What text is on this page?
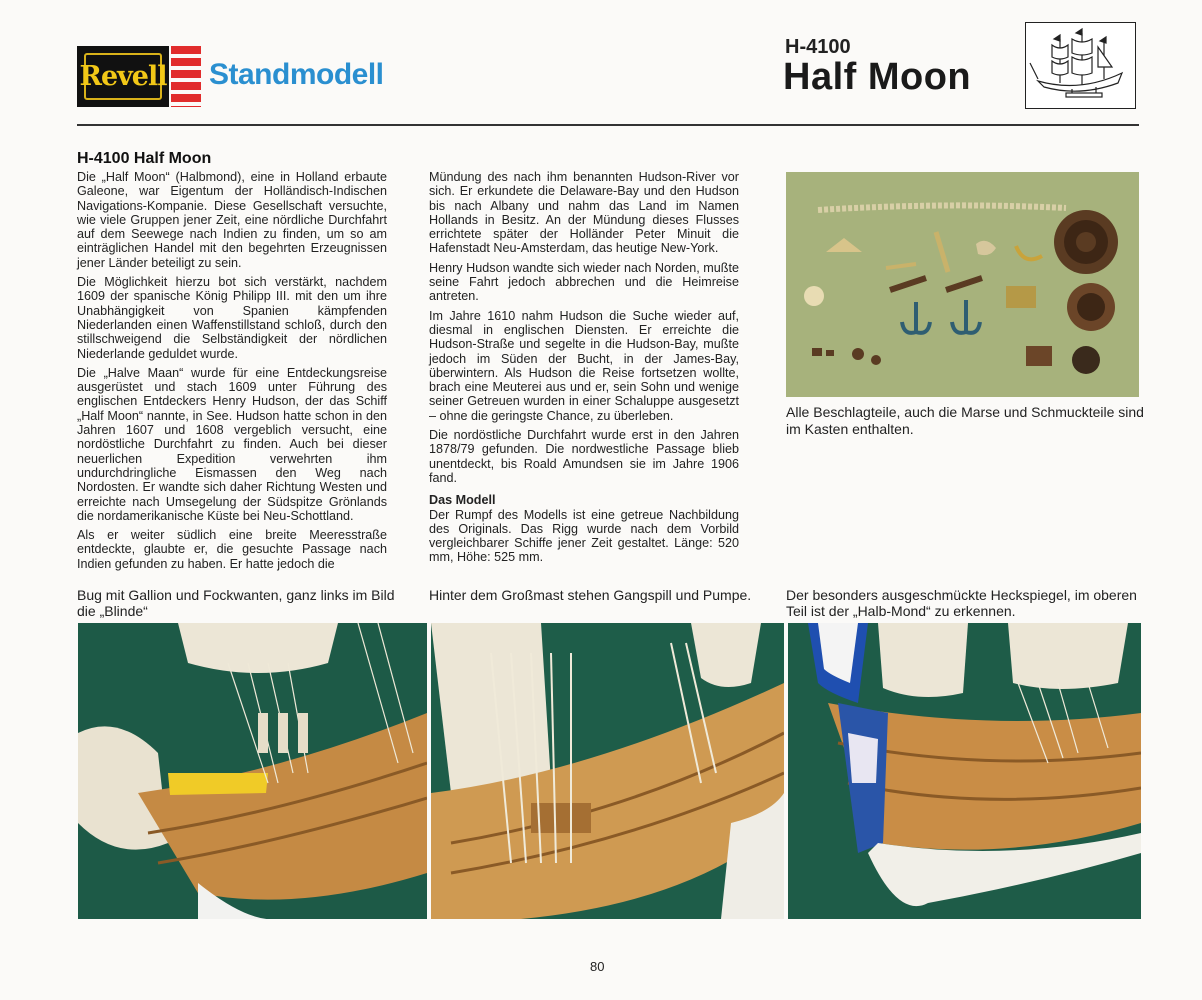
Revell Standmodell
H-4100
Half Moon
H-4100 Half Moon

Die „Half Moon“ (Halbmond), eine in Holland erbaute Galeone, war Eigentum der Holländisch-Indischen Navigations-Kompanie. Diese Gesellschaft versuchte, wie viele Gruppen jener Zeit, eine nördliche Durchfahrt auf dem Seewege nach Indien zu finden, um so am einträglichen Handel mit den begehrten Erzeugnissen jener Länder beteiligt zu sein.

Die Möglichkeit hierzu bot sich verstärkt, nachdem 1609 der spanische König Philipp III. mit den um ihre Unabhängigkeit von Spanien kämpfenden Niederlanden einen Waffenstillstand schloß, durch den stillschweigend die Selbständigkeit der nördlichen Niederlande geduldet wurde.

Die „Halve Maan“ wurde für eine Entdeckungsreise ausgerüstet und stach 1609 unter Führung des englischen Entdeckers Henry Hudson, der das Schiff „Half Moon“ nannte, in See. Hudson hatte schon in den Jahren 1607 und 1608 vergeblich versucht, eine nordöstliche Durchfahrt zu finden. Auch bei dieser neuerlichen Expedition verwehrten ihm undurchdringliche Eismassen den Weg nach Nordosten. Er wandte sich daher Richtung Westen und erreichte nach Umsegelung der Südspitze Grönlands die nordamerikanische Küste bei Neu-Schottland.

Als er weiter südlich eine breite Meeresstraße entdeckte, glaubte er, die gesuchte Passage nach Indien gefunden zu haben. Er hatte jedoch die

Mündung des nach ihm benannten Hudson-River vor sich. Er erkundete die Delaware-Bay und den Hudson bis nach Albany und nahm das Land im Namen Hollands in Besitz. An der Mündung dieses Flusses errichtete später der Holländer Peter Minuit die Hafenstadt Neu-Amsterdam, das heutige New-York.

Henry Hudson wandte sich wieder nach Norden, mußte seine Fahrt jedoch abbrechen und die Heimreise antreten.

Im Jahre 1610 nahm Hudson die Suche wieder auf, diesmal in englischen Diensten. Er erreichte die Hudson-Straße und segelte in die Hudson-Bay, mußte jedoch im Süden der Bucht, in der James-Bay, überwintern. Als Hudson die Reise fortsetzen wollte, brach eine Meuterei aus und er, sein Sohn und wenige seiner Getreuen wurden in einer Schaluppe ausgesetzt – ohne die geringste Chance, zu überleben.

Die nordöstliche Durchfahrt wurde erst in den Jahren 1878/79 gefunden. Die nordwestliche Passage blieb unentdeckt, bis Roald Amundsen sie im Jahre 1906 fand.

Das Modell

Der Rumpf des Modells ist eine getreue Nachbildung des Originals. Das Rigg wurde nach dem Vorbild vergleichbarer Schiffe jener Zeit gestaltet. Länge: 520 mm, Höhe: 525 mm.

Alle Beschlagteile, auch die Marse und Schmuckteile sind im Kasten enthalten.
Bug mit Gallion und Fockwanten, ganz links im Bild die „Blinde“
Hinter dem Großmast stehen Gangspill und Pumpe.	Der besonders ausgeschmückte Heckspiegel, im oberen Teil ist der „Halb-Mond“ zu erkennen.
80
